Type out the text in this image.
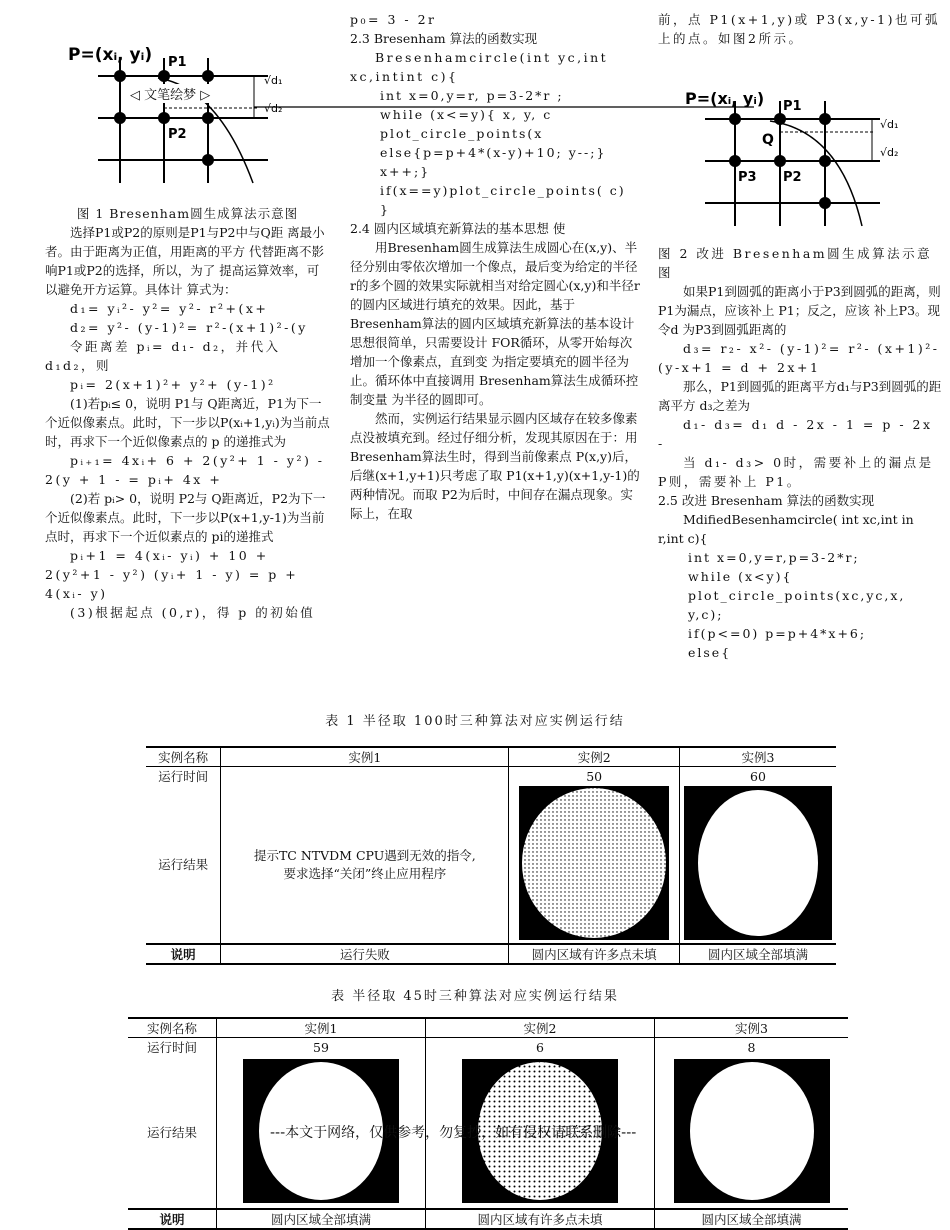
P=(xᵢ, yᵢ) P1
P2
√d₁
√d₂
◁ 文笔绘梦 ▷

图 1 Bresenham圆生成算法示意图

选择P1或P2的原则是P1与P2中与Q距 离最小者。由于距离为正值，用距离的平方 代替距离不影响P1或P2的选择，所以，为了 提高运算效率，可以避免开方运算。具体计 算式为：

d₁= yᵢ²- y²= y²- r²+(x+

d₂= y²- (y-1)²= r²-(x+1)²-(y

令距离差 pᵢ= d₁- d₂，并代入 d₁d₂，则

pᵢ= 2(x+1)²+ y²+ (y-1)²

(1)若pᵢ≤ 0，说明 P1与 Q距离近，P1为下一个近似像素点。此时，下一步以P(xᵢ+1,yᵢ)为当前点时，再求下一个近似像素点的 p 的递推式为

pᵢ₊₁= 4xᵢ+ 6 + 2(y²+ 1 - y²) - 2(y + 1 - = pᵢ+ 4x +

(2)若 pᵢ> 0，说明 P2与 Q距离近，P2为下一个近似像素点。此时，下一步以P(x+1,y-1)为当前点时，再求下一个近似素点的 pi的递推式

pᵢ+1 = 4(xᵢ- yᵢ) + 10 + 2(y²+1 - y²) (yᵢ+ 1 - y) = p + 4(xᵢ- y)

(3)根据起点 (0,r)，得 p 的初始值

p₀= 3 - 2r

2.3 Bresenham 算法的函数实现

Bresenhamcircle(int yc,int xc,intint c){

int x=0,y=r, p=3-2*r ;

while (x<=y){ x, y, c

plot_circle_points(x

else{p=p+4*(x-y)+10; y--;}

x++;}

if(x==y)plot_circle_points( c)

}

2.4 圆内区域填充新算法的基本思想 使

用Bresenham圆生成算法生成圆心在(x,y)、半径分别由零依次增加一个像点，最后变为给定的半径r的多个圆的效果实际就相当对给定圆心(x,y)和半径r的圆内区域进行填充的效果。因此，基于Bresenham算法的圆内区域填充新算法的基本设计思想很简单，只需要设计 FOR循环，从零开始每次增加一个像素点，直到变 为指定要填充的圆半径为止。循环体中直接调用 Bresenham算法生成循环控制变量 为半径的圆即可。

然而，实例运行结果显示圆内区域存在较多像素点没被填充到。经过仔细分析，发现其原因在于：用Bresenham算法生时，得到当前像素点 P(x,y)后，后继(x+1,y+1)只考虑了取 P1(x+1,y)(x+1,y-1)的两种情况。而取 P2为后时，中间存在漏点现象。实际上，在取

前，点 P1(x+1,y)或 P3(x,y-1)也可弧上的点。如图2所示。

P=(xᵢ, yᵢ) P1
Q
P3 P2
√d₁
√d₂

图 2 改进 Bresenham圆生成算法示意图

如果P1到圆弧的距离小于P3到圆弧的距离，则 P1为漏点，应该补上 P1；反之，应该 补上P3。现令d 为P3到圆弧距离的

d₃= r₂- x²- (y-1)²= r²- (x+1)²- (y-x+1 = d + 2x+1

那么，P1到圆弧的距离平方d₁与P3到圆弧的距离平方 d₃之差为

d₁- d₃= d₁ d - 2x - 1 = p - 2x -

当 d₁- d₃> 0时，需要补上的漏点是 P则，需要补上 P1。

2.5 改进 Bresenham 算法的函数实现

MdifiedBesenhamcircle( int xc,int in r,int c){

int x=0,y=r,p=3-2*r;

while (x<y){

plot_circle_points(xc,yc,x, y,c);

if(p<=0) p=p+4*x+6;

else{

表 1 半径取 100时三种算法对应实例运行结
实例名称	实例1	实例2	实例3
运行时间		50	60
运行结果	提示TC NTVDM CPU遇到无效的指令,
要求选择“关闭”终止应用程序

说明	运行失败	圆内区域有许多点未填	圆内区域全部填满
表 半径取 45时三种算法对应实例运行结果
实例名称	实例1	实例2	实例3
运行时间	59	6	8
运行结果	

说明	圆内区域全部填满	圆内区域有许多点未填	圆内区域全部填满
---本文于网络，仅供参考，勿复抄，如有侵权请联系删除---
